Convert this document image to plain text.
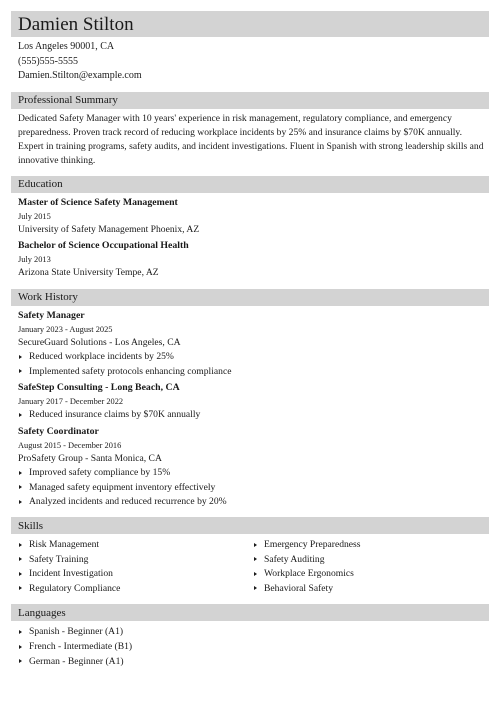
Damien Stilton
Los Angeles 90001, CA
(555)555-5555
Damien.Stilton@example.com
Professional Summary
Dedicated Safety Manager with 10 years' experience in risk management, regulatory compliance, and emergency preparedness. Proven track record of reducing workplace incidents by 25% and insurance claims by $70K annually. Expert in training programs, safety audits, and incident investigations. Fluent in Spanish with strong leadership skills and innovative thinking.
Education
Master of Science Safety Management
July 2015
University of Safety Management Phoenix, AZ
Bachelor of Science Occupational Health
July 2013
Arizona State University Tempe, AZ
Work History
Safety Manager
January 2023 - August 2025
SecureGuard Solutions - Los Angeles, CA
Reduced workplace incidents by 25%
Implemented safety protocols enhancing compliance
SafeStep Consulting - Long Beach, CA
January 2017 - December 2022
Reduced insurance claims by $70K annually
Safety Coordinator
August 2015 - December 2016
ProSafety Group - Santa Monica, CA
Improved safety compliance by 15%
Managed safety equipment inventory effectively
Analyzed incidents and reduced recurrence by 20%
Skills
Risk Management
Safety Training
Incident Investigation
Regulatory Compliance
Emergency Preparedness
Safety Auditing
Workplace Ergonomics
Behavioral Safety
Languages
Spanish - Beginner (A1)
French - Intermediate (B1)
German - Beginner (A1)
